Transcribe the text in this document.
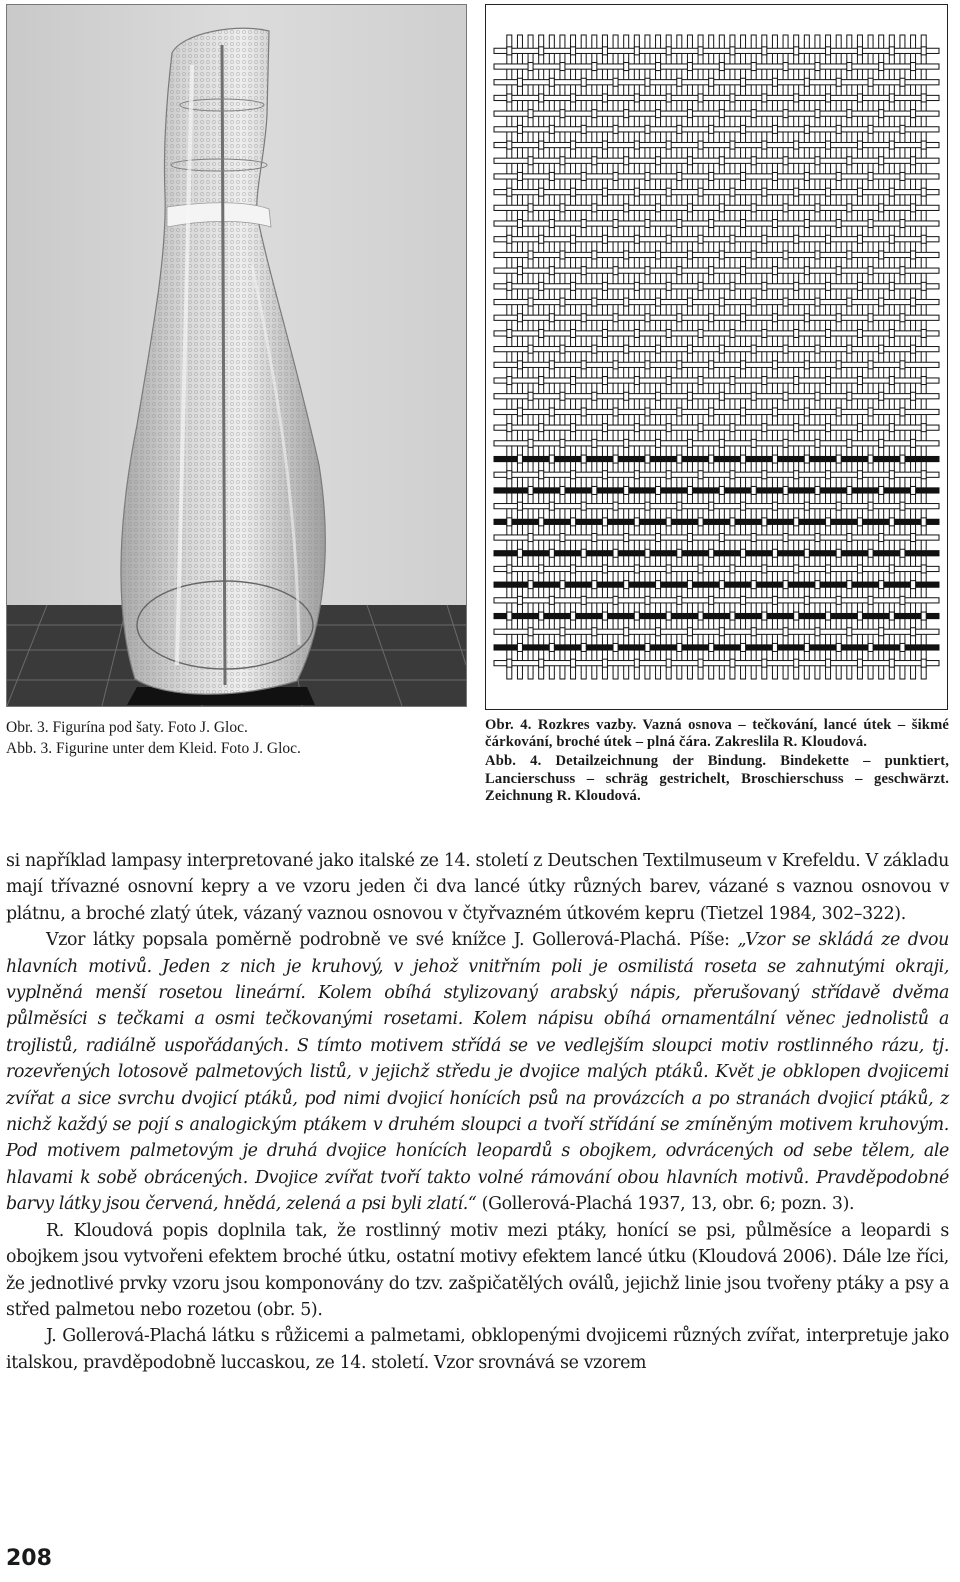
Obr. 3. Figurína pod šaty. Foto J. Gloc.

Abb. 3. Figurine unter dem Kleid. Foto J. Gloc.

Obr. 4. Rozkres vazby. Vazná osnova – tečkování, lancé útek – šikmé čárkování, broché útek – plná čára. Zakreslila R. Kloudová.

Abb. 4. Detailzeichnung der Bindung. Bindekette – punktiert, Lancierschuss – schräg gestrichelt, Broschierschuss – geschwärzt. Zeichnung R. Kloudová.

si například lampasy interpretované jako italské ze 14. století z Deutschen Textilmuseum v Krefeldu. V základu mají třívazné osnovní kepry a ve vzoru jeden či dva lancé útky různých barev, vázané s vaznou osnovou v plátnu, a broché zlatý útek, vázaný vaznou osnovou v čtyřvazném útkovém kepru (Tietzel 1984, 302–322).

Vzor látky popsala poměrně podrobně ve své knížce J. Gollerová-Plachá. Píše: „Vzor se skládá ze dvou hlavních motivů. Jeden z nich je kruhový, v jehož vnitřním poli je osmilistá roseta se zahnutými okraji, vyplněná menší rosetou lineární. Kolem obíhá stylizovaný arabský nápis, přerušovaný střídavě dvěma půlměsíci s tečkami a osmi tečkovanými rosetami. Kolem nápisu obíhá ornamentální věnec jednolistů a trojlistů, radiálně uspořádaných. S tímto motivem střídá se ve vedlejším sloupci motiv rostlinného rázu, tj. rozevřených lotosově palmetových listů, v jejichž středu je dvojice malých ptáků. Květ je obklopen dvojicemi zvířat a sice svrchu dvojicí ptáků, pod nimi dvojicí honících psů na provázcích a po stranách dvojicí ptáků, z nichž každý se pojí s analogickým ptákem v druhém sloupci a tvoří střídání se zmíněným motivem kruhovým. Pod motivem palmetovým je druhá dvojice honících leopardů s obojkem, odvrácených od sebe tělem, ale hlavami k sobě obrácených. Dvojice zvířat tvoří takto volné rámování obou hlavních motivů. Pravděpodobné barvy látky jsou červená, hnědá, zelená a psi byli zlatí.“ (Gollerová-Plachá 1937, 13, obr. 6; pozn. 3).

R. Kloudová popis doplnila tak, že rostlinný motiv mezi ptáky, honící se psi, půlměsíce a leopardi s obojkem jsou vytvořeni efektem broché útku, ostatní motivy efektem lancé útku (Kloudová 2006). Dále lze říci, že jednotlivé prvky vzoru jsou komponovány do tzv. zašpičatělých oválů, jejichž linie jsou tvořeny ptáky a psy a střed palmetou nebo rozetou (obr. 5).

J. Gollerová-Plachá látku s růžicemi a palmetami, obklopenými dvojicemi různých zvířat, interpretuje jako italskou, pravděpodobně luccaskou, ze 14. století. Vzor srovnává se vzorem

208
